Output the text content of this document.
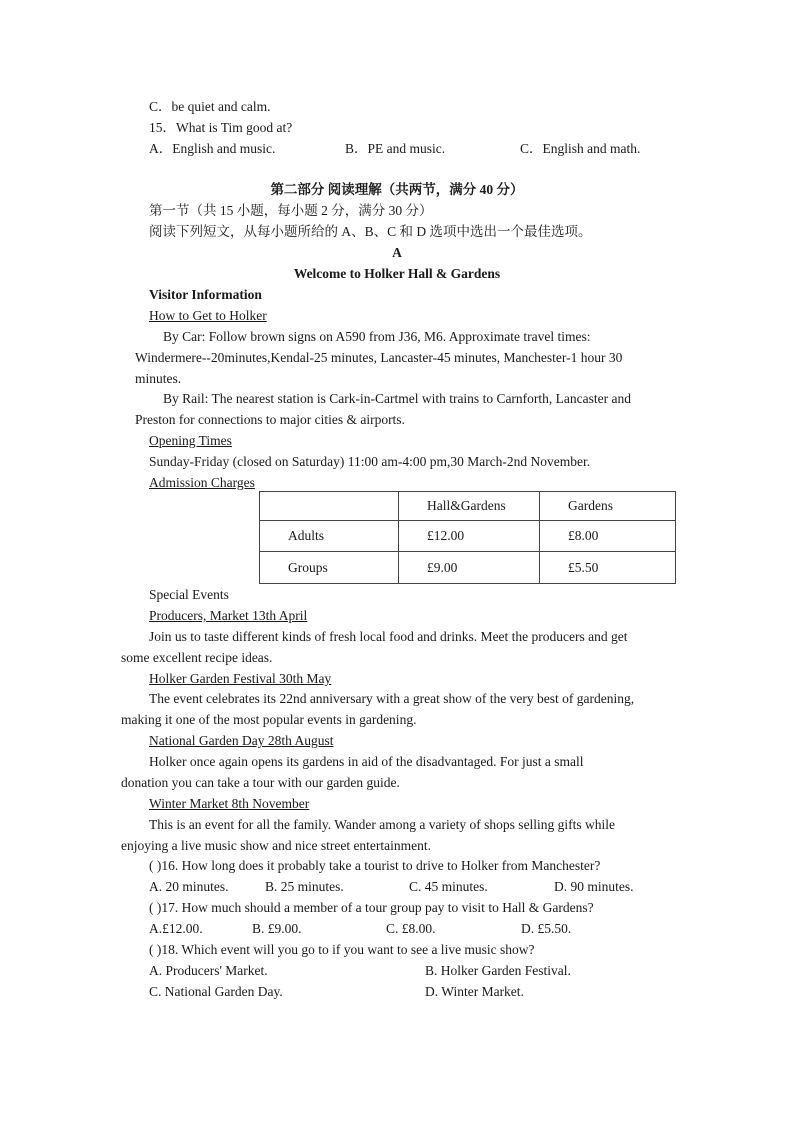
C．be quiet and calm.
15．What is Tim good at?
A．English and music.	B．PE and music.	C．English and math.
第二部分 阅读理解（共两节，满分 40 分）
第一节（共 15 小题，每小题 2 分，满分 30 分）
阅读下列短文，从每小题所给的 A、B、C 和 D 选项中选出一个最佳选项。
A
Welcome to Holker Hall & Gardens
Visitor Information
How to Get to Holker
By Car: Follow brown signs on A590 from J36, M6. Approximate travel times:
Windermere--20minutes,Kendal-25 minutes, Lancaster-45 minutes, Manchester-1 hour 30
minutes.
By Rail: The nearest station is Cark-in-Cartmel with trains to Carnforth, Lancaster and
Preston for connections to major cities & airports.
Opening Times
Sunday-Friday (closed on Saturday) 11:00 am-4:00 pm,30 March-2nd November.
Admission Charges
	Hall&Gardens	Gardens
Adults	£12.00	£8.00
Groups	£9.00	£5.50
Special Events
Producers, Market 13th April
Join us to taste different kinds of fresh local food and drinks. Meet the producers and get
some excellent recipe ideas.
Holker Garden Festival 30th May
The event celebrates its 22nd anniversary with a great show of the very best of gardening,
making it one of the most popular events in gardening.
National Garden Day 28th August
Holker once again opens its gardens in aid of the disadvantaged. For just a small
donation you can take a tour with our garden guide.
Winter Market 8th November
This is an event for all the family. Wander among a variety of shops selling gifts while
enjoying a live music show and nice street entertainment.
( )16. How long does it probably take a tourist to drive to Holker from Manchester?
A. 20 minutes.	B. 25 minutes.	C. 45 minutes.	D. 90 minutes.
( )17. How much should a member of a tour group pay to visit to Hall & Gardens?
A.£12.00.	B. £9.00.	C. £8.00.	D. £5.50.
( )18. Which event will you go to if you want to see a live music show?
A. Producers' Market.	B. Holker Garden Festival.
C. National Garden Day.	D. Winter Market.
